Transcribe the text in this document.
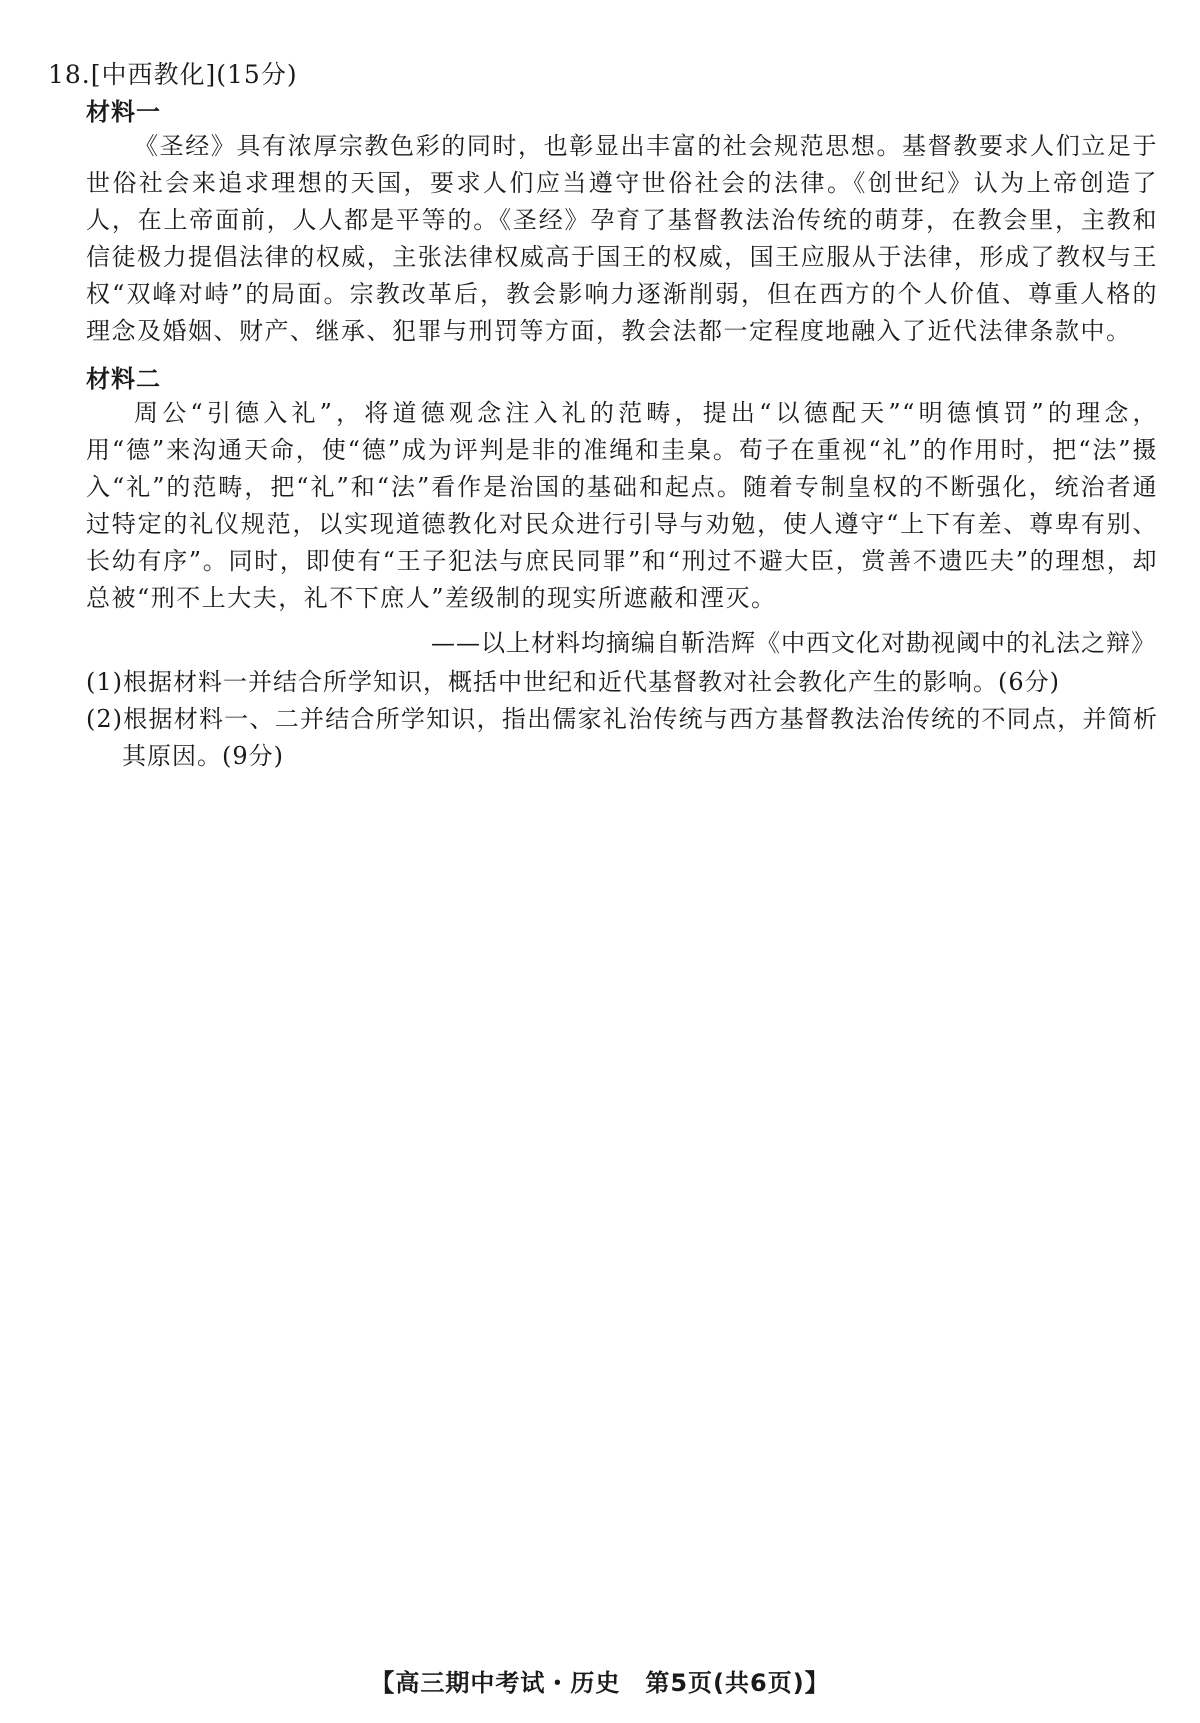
18.[中西教化](15分)
材料一

《圣经》具有浓厚宗教色彩的同时，也彰显出丰富的社会规范思想。基督教要求人们立足于世俗社会来追求理想的天国，要求人们应当遵守世俗社会的法律。《创世纪》认为上帝创造了人，在上帝面前，人人都是平等的。《圣经》孕育了基督教法治传统的萌芽，在教会里，主教和信徒极力提倡法律的权威，主张法律权威高于国王的权威，国王应服从于法律，形成了教权与王权“双峰对峙”的局面。宗教改革后，教会影响力逐渐削弱，但在西方的个人价值、尊重人格的理念及婚姻、财产、继承、犯罪与刑罚等方面，教会法都一定程度地融入了近代法律条款中。

材料二

周公“引德入礼”，将道德观念注入礼的范畴，提出“以德配天”“明德慎罚”的理念，用“德”来沟通天命，使“德”成为评判是非的准绳和圭臬。荀子在重视“礼”的作用时，把“法”摄入“礼”的范畴，把“礼”和“法”看作是治国的基础和起点。随着专制皇权的不断强化，统治者通过特定的礼仪规范，以实现道德教化对民众进行引导与劝勉，使人遵守“上下有差、尊卑有别、长幼有序”。同时，即使有“王子犯法与庶民同罪”和“刑过不避大臣，赏善不遗匹夫”的理想，却总被“刑不上大夫，礼不下庶人”差级制的现实所遮蔽和湮灭。

——以上材料均摘编自靳浩辉《中西文化对勘视阈中的礼法之辩》

(1)根据材料一并结合所学知识，概括中世纪和近代基督教对社会教化产生的影响。(6分)

(2)根据材料一、二并结合所学知识，指出儒家礼治传统与西方基督教法治传统的不同点，并简析其原因。(9分)

【高三期中考试・历史　第5页(共6页)】
